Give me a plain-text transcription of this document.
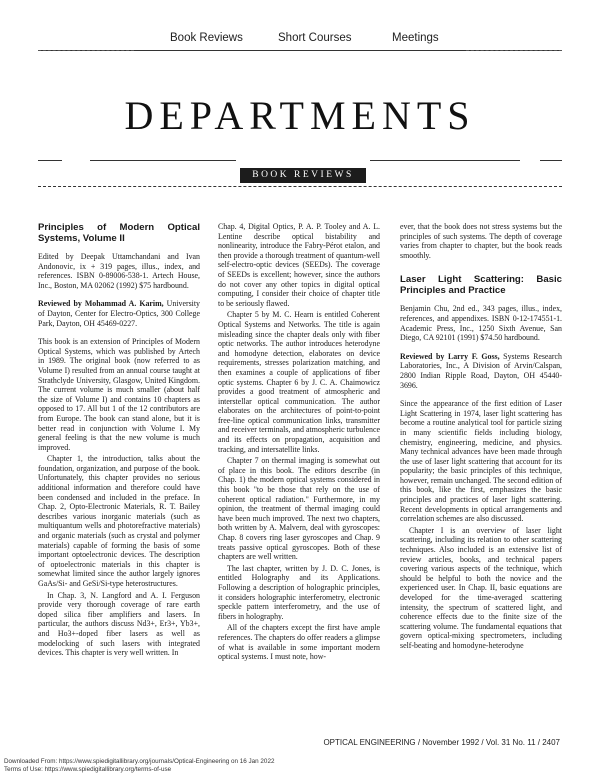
Book Reviews	Short Courses	Meetings
DEPARTMENTS
BOOK REVIEWS

Principles of Modern Optical Systems, Volume II

Edited by Deepak Uttamchandani and Ivan Andonovic, ix + 319 pages, illus., index, and references. ISBN 0-89006-538-1. Artech House, Inc., Boston, MA 02062 (1992) $75 hardbound.

Reviewed by Mohammad A. Karim, University of Dayton, Center for Electro-Optics, 300 College Park, Dayton, OH 45469-0227.

This book is an extension of Principles of Modern Optical Systems, which was published by Artech in 1989. The original book (now referred to as Volume I) resulted from an annual course taught at Strathclyde University, Glasgow, United Kingdom. The current volume is much smaller (about half the size of Volume I) and contains 10 chapters as opposed to 17. All but 1 of the 12 contributors are from Europe. The book can stand alone, but it is better read in conjunction with Volume I. My general feeling is that the new volume is much improved.

Chapter 1, the introduction, talks about the foundation, organization, and purpose of the book. Unfortunately, this chapter provides no serious additional information and therefore could have been condensed and included in the preface. In Chap. 2, Opto-Electronic Materials, R. T. Bailey describes various inorganic materials (such as multiquantum wells and photorefractive materials) and organic materials (such as crystal and polymer materials) capable of forming the basis of some important optoelectronic devices. The description of optoelectronic materials in this chapter is somewhat limited since the author largely ignores GaAs/Si- and GeSi/Si-type heterostructures.

In Chap. 3, N. Langford and A. I. Ferguson provide very thorough coverage of rare earth doped silica fiber amplifiers and lasers. In particular, the authors discuss Nd3+, Er3+, Yb3+, and Ho3+-doped fiber lasers as well as modelocking of such lasers with integrated devices. This chapter is very well written. In

Chap. 4, Digital Optics, P. A. P. Tooley and A. L. Lentine describe optical bistability and nonlinearity, introduce the Fabry-Pérot etalon, and then provide a thorough treatment of quantum-well self-electro-optic devices (SEEDs). The coverage of SEEDs is excellent; however, since the authors do not cover any other topics in digital optical computing, I consider their choice of chapter title to be seriously flawed.

Chapter 5 by M. C. Hearn is entitled Coherent Optical Systems and Networks. The title is again misleading since the chapter deals only with fiber optic networks. The author introduces heterodyne and homodyne detection, elaborates on device requirements, stresses polarization matching, and then examines a couple of applications of fiber optic systems. Chapter 6 by J. C. A. Chaimowicz provides a good treatment of atmospheric and interstellar optical communication. The author elaborates on the architectures of point-to-point free-line optical communication links, transmitter and receiver terminals, and atmospheric turbulence and its effects on propagation, acquisition and tracking, and intersatellite links.

Chapter 7 on thermal imaging is somewhat out of place in this book. The editors describe (in Chap. 1) the modern optical systems considered in this book "to be those that rely on the use of coherent optical radiation." Furthermore, in my opinion, the treatment of thermal imaging could have been much improved. The next two chapters, both written by A. Malvern, deal with gyroscopes: Chap. 8 covers ring laser gyroscopes and Chap. 9 treats passive optical gyroscopes. Both of these chapters are well written.

The last chapter, written by J. D. C. Jones, is entitled Holography and its Applications. Following a description of holographic principles, it considers holographic interferometry, electronic speckle pattern interferometry, and the use of fibers in holography.

All of the chapters except the first have ample references. The chapters do offer readers a glimpse of what is available in some important modern optical systems. I must note, how-

ever, that the book does not stress systems but the principles of such systems. The depth of coverage varies from chapter to chapter, but the book reads smoothly.

Laser Light Scattering: Basic Principles and Practice

Benjamin Chu, 2nd ed., 343 pages, illus., index, references, and appendixes. ISBN 0-12-174551-1. Academic Press, Inc., 1250 Sixth Avenue, San Diego, CA 92101 (1991) $74.50 hardbound.

Reviewed by Larry F. Goss, Systems Research Laboratories, Inc., A Division of Arvin/Calspan, 2800 Indian Ripple Road, Dayton, OH 45440-3696.

Since the appearance of the first edition of Laser Light Scattering in 1974, laser light scattering has become a routine analytical tool for particle sizing in many scientific fields including biology, chemistry, engineering, medicine, and physics. Many technical advances have been made through the use of laser light scattering that account for its popularity; the basic principles of this technique, however, remain unchanged. The second edition of this book, like the first, emphasizes the basic principles and practices of laser light scattering. Recent developments in optical arrangements and correlation schemes are also discussed.

Chapter I is an overview of laser light scattering, including its relation to other scattering techniques. Also included is an extensive list of review articles, books, and technical papers covering various aspects of the technique, which should be helpful to both the novice and the experienced user. In Chap. II, basic equations are developed for the time-averaged scattering intensity, the spectrum of scattered light, and coherence effects due to the finite size of the scattering volume. The fundamental equations that govern optical-mixing spectrometers, including self-beating and homodyne-heterodyne

OPTICAL ENGINEERING / November 1992 / Vol. 31 No. 11 / 2407
Downloaded From: https://www.spiedigitallibrary.org/journals/Optical-Engineering on 16 Jan 2022
Terms of Use: https://www.spiedigitallibrary.org/terms-of-use
